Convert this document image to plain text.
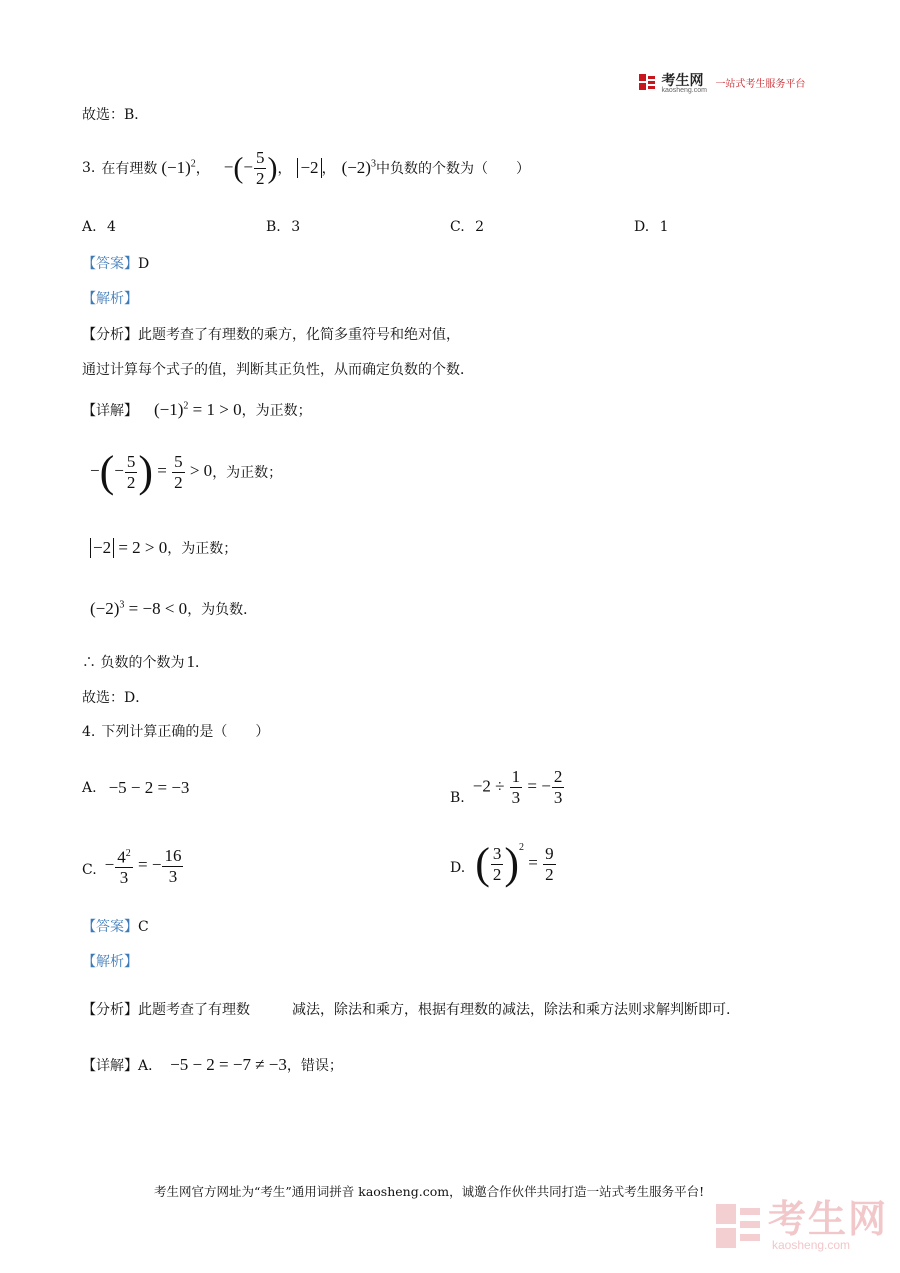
考生网
kaosheng.com
一站式考生服务平台
故选：B．
3. 在有理数 $(-1)^2$ ， −(− $\frac{5}{2}$ ) ， −2 ， $(-2)^3$ 中负数的个数为（　　）
A. 4	B. 3	C. 2	D. 1
【答案】D
【解析】
【分析】此题考查了有理数的乘方，化简多重符号和绝对值，
通过计算每个式子的值，判断其正负性，从而确定负数的个数．
【详解】 $(-1)^2 = 1 > 0$ ，为正数；
−(− $\frac{5}{2}$ ) = $\frac{5}{2} > 0$ ，为正数；
−2 = 2 > 0 ，为正数；
$(-2)^3 = -8 < 0$ ，为负数．
∴ 负数的个数为 1．
故选：D．
4. 下列计算正确的是（　　）
A. −5 − 2 = −3
B.
$-2 \div \frac{1}{3}$ = − $\frac{2}{3}$
C. − $\frac{4^2}{3}$ = − $\frac{16}{3}$	D. ( $\frac{3}{2} )^2 = \frac{9}{2}$
【答案】C
【解析】
【分析】此题考查了有理数	减法，除法和乘方，根据有理数的减法，除法和乘方法则求解判断即可.
【详解】 A． −5 − 2 = −7 ≠ −3 ，错误；
考生网官方网址为“考生”通用词拼音 kaosheng.com，诚邀合作伙伴共同打造一站式考生服务平台!
考生网
kaosheng.com
